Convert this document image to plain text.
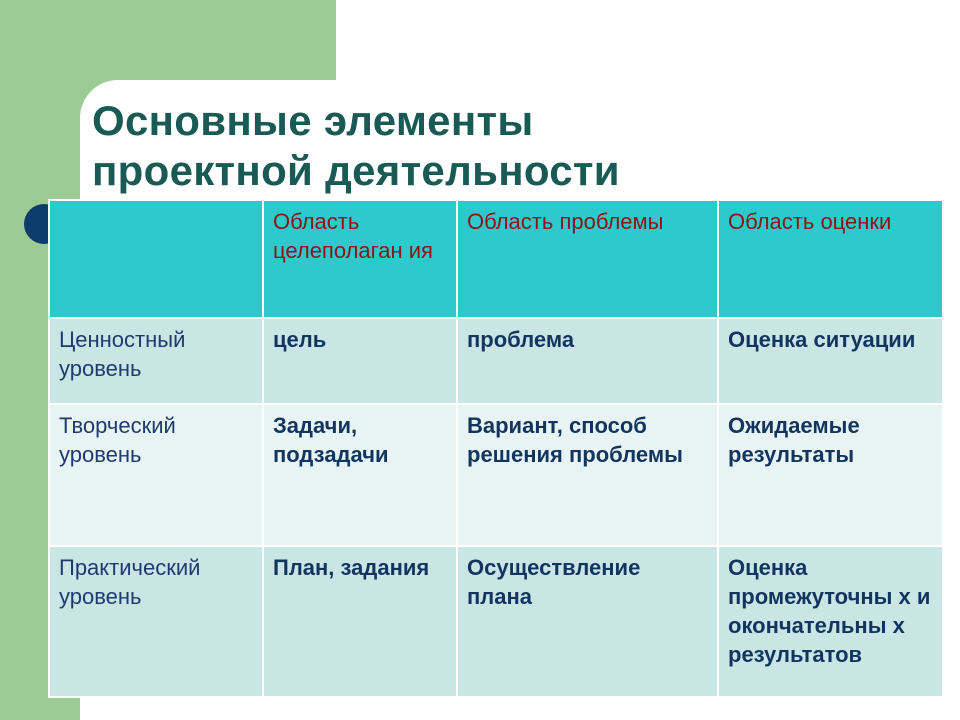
Основные элементы
проектной деятельности
	Область целеполаган ия	Область проблемы	Область оценки
Ценностный уровень	цель	проблема	Оценка ситуации
Творческий уровень	Задачи, подзадачи	Вариант, способ решения проблемы	Ожидаемые результаты
Практический уровень	План, задания	Осуществление плана	Оценка промежуточны х и окончательны х результатов
